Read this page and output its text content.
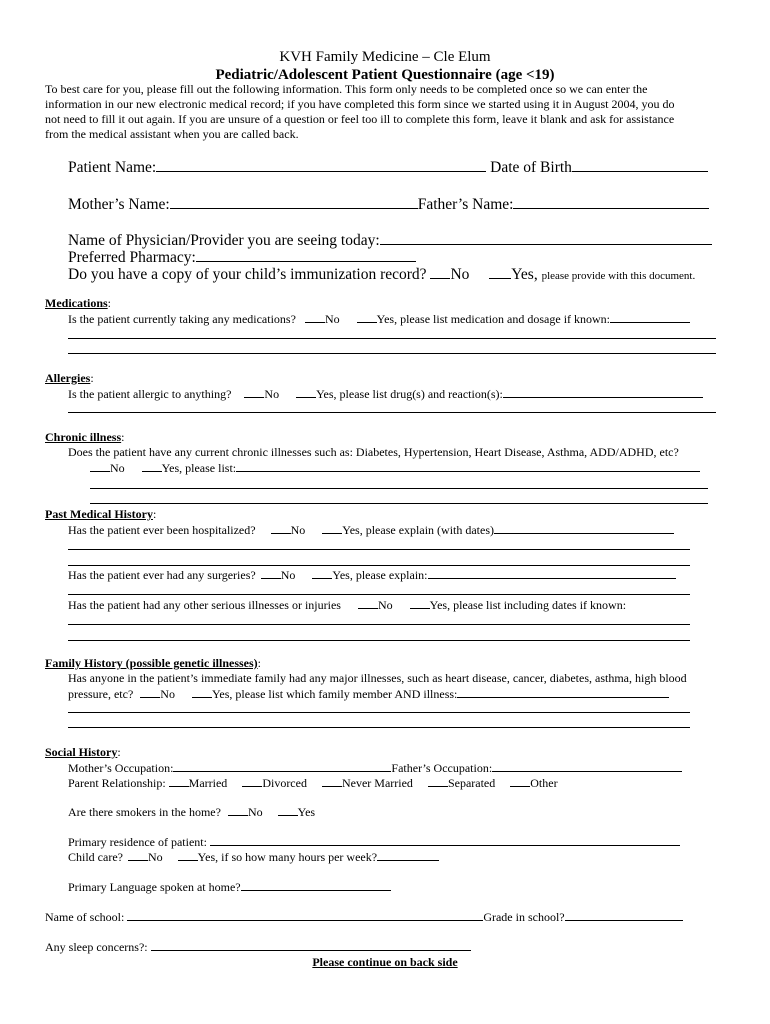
KVH Family Medicine – Cle Elum
Pediatric/Adolescent Patient Questionnaire (age <19)
To best care for you, please fill out the following information. This form only needs to be completed once so we can enter the
information in our new electronic medical record; if you have completed this form since we started using it in August 2004, you do
not need to fill it out again. If you are unsure of a question or feel too ill to complete this form, leave it blank and ask for assistance
from the medical assistant when you are called back.
Patient Name:	Date of Birth
Mother’s Name:	Father’s Name:
Name of Physician/Provider you are seeing today:
Preferred Pharmacy:
Do you have a copy of your child’s immunization record? No	Yes, please provide with this document.
Medications:
Is the patient currently taking any medications? No	Yes, please list medication and dosage if known:
Allergies:
Is the patient allergic to anything?	No	Yes, please list drug(s) and reaction(s):
Chronic illness:
Does the patient have any current chronic illnesses such as: Diabetes, Hypertension, Heart Disease, Asthma, ADD/ADHD, etc?
No	Yes, please list:
Past Medical History:
Has the patient ever been hospitalized?	No	Yes, please explain (with dates)
Has the patient ever had any surgeries? No	Yes, please explain:
Has the patient had any other serious illnesses or injuries	No	Yes, please list including dates if known:
Family History (possible genetic illnesses):
Has anyone in the patient’s immediate family had any major illnesses, such as heart disease, cancer, diabetes, asthma, high blood
pressure, etc? No	Yes, please list which family member AND illness:
Social History:
Mother’s Occupation:	Father’s Occupation:
Parent Relationship: Married	Divorced	Never Married	Separated	Other
Are there smokers in the home? No	Yes
Primary residence of patient:
Child care? No	Yes, if so how many hours per week?
Primary Language spoken at home?
Name of school:	Grade in school?
Any sleep concerns?:
Please continue on back side
